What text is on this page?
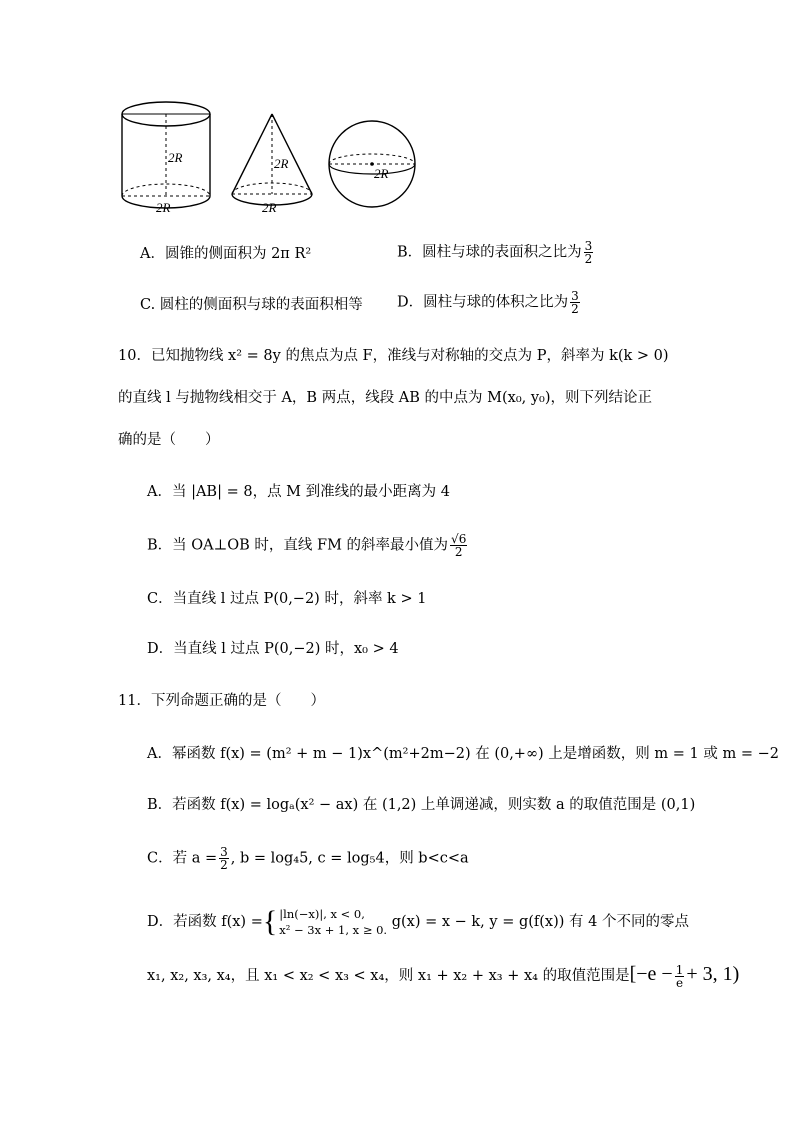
2R
2R
2R
2R
2R
A．圆锥的侧面积为 2π R²	B．圆柱与球的表面积之比为 $\frac{3}{2}$
C. 圆柱的侧面积与球的表面积相等 D．圆柱与球的体积之比为 $\frac{3}{2}$
10．已知抛物线 x² = 8y 的焦点为点 F，准线与对称轴的交点为 P，斜率为 k(k > 0)
的直线 l 与抛物线相交于 A，B 两点，线段 AB 的中点为 M(x₀, y₀)，则下列结论正
确的是（　　）
A．当 |AB| = 8，点 M 到准线的最小距离为 4
B．当 OA⊥OB 时，直线 FM 的斜率最小值为 $\frac{√6}{2}$
C．当直线 l 过点 P(0,−2) 时，斜率 k > 1
D．当直线 l 过点 P(0,−2) 时，x₀ > 4
11．下列命题正确的是（　　）
A．幂函数 f(x) = (m² + m − 1)x^(m²+2m−2) 在 (0,+∞) 上是增函数，则 m = 1 或 m = −2
B．若函数 f(x) = logₐ(x² − ax) 在 (1,2) 上单调递减，则实数 a 的取值范围是 (0,1)
C．若 $a = \frac{3}{2}$ , b = log₄5, c = log₅4，则 b<c<a
D．若函数 f(x) ={ |ln(−x)|, x < 0,
x² − 3x + 1, x ≥ 0. g(x) = x − k, y = g(f(x)) 有 4 个不同的零点
x₁, x₂, x₃, x₄，且 x₁ < x₂ < x₃ < x₄，则 x₁ + x₂ + x₃ + x₄ 的取值范围是[$-e - \frac{1}{e} + 3$, 1)
